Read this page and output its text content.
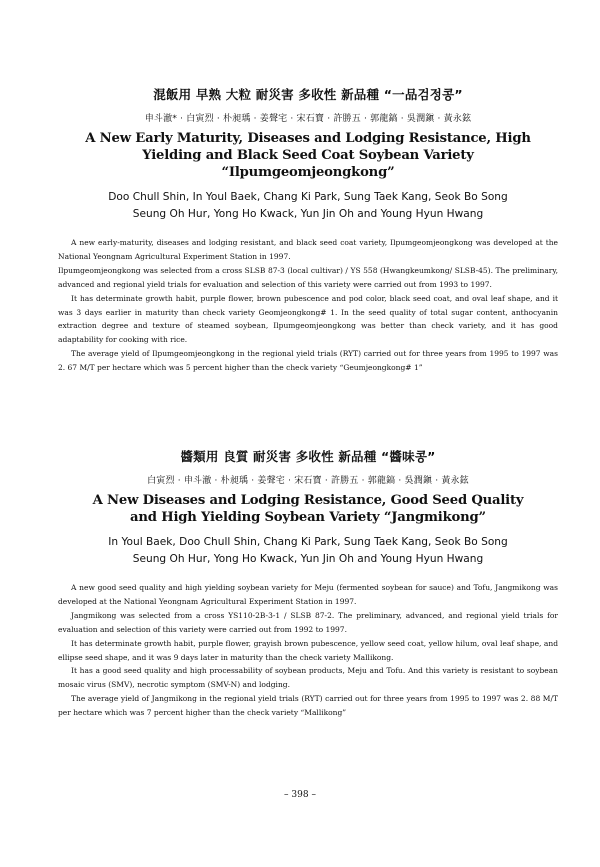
混飯用 早熟 大粒 耐災害 多收性 新品種 “一品검정콩”

申斗澈* · 白寅烈 · 朴昶瑀 · 姜聲宅 · 宋石寶 · 許勝五 · 郭龍鎬 · 吳潤鎭 · 黃永鉉

A New Early Maturity, Diseases and Lodging Resistance, High
Yielding and Black Seed Coat Soybean Variety “Ilpumgeomjeongkong”

Doo Chull Shin, In Youl Baek, Chang Ki Park, Sung Taek Kang, Seok Bo Song
Seung Oh Hur, Yong Ho Kwack, Yun Jin Oh and Young Hyun Hwang

A new early-maturity, diseases and lodging resistant, and black seed coat variety, Ilpumgeomjeongkong was developed at the National Yeongnam Agricultural Experiment Station in 1997.

Ilpumgeomjeongkong was selected from a cross SLSB 87-3 (local cultivar) / YS 558 (Hwangkeumkong/ SLSB-45). The preliminary, advanced and regional yield trials for evaluation and selection of this variety were carried out from 1993 to 1997.

It has determinate growth habit, purple flower, brown pubescence and pod color, black seed coat, and oval leaf shape, and it was 3 days earlier in maturity than check variety Geomjeongkong# 1. In the seed quality of total sugar content, anthocyanin extraction degree and texture of steamed soybean, Ilpumgeomjeongkong was better than check variety, and it has good adaptability for cooking with rice.

The average yield of Ilpumgeomjeongkong in the regional yield trials (RYT) carried out for three years from 1995 to 1997 was 2. 67 M/T per hectare which was 5 percent higher than the check variety “Geumjeongkong# 1”

醬類用 良質 耐災害 多收性 新品種 “醬味콩”

白寅烈 · 申斗澈 · 朴昶瑀 · 姜聲宅 · 宋石寶 · 許勝五 · 郭龍鎬 · 吳潤鎭 · 黃永鉉

A New Diseases and Lodging Resistance, Good Seed Quality
and High Yielding Soybean Variety “Jangmikong”

In Youl Baek, Doo Chull Shin, Chang Ki Park, Sung Taek Kang, Seok Bo Song
Seung Oh Hur, Yong Ho Kwack, Yun Jin Oh and Young Hyun Hwang

A new good seed quality and high yielding soybean variety for Meju (fermented soybean for sauce) and Tofu, Jangmikong was developed at the National Yeongnam Agricultural Experiment Station in 1997.

Jangmikong was selected from a cross YS110-2B-3-1 / SLSB 87-2. The preliminary, advanced, and regional yield trials for evaluation and selection of this variety were carried out from 1992 to 1997.

It has determinate growth habit, purple flower, grayish brown pubescence, yellow seed coat, yellow hilum, oval leaf shape, and ellipse seed shape, and it was 9 days later in maturity than the check variety Mallikong.

It has a good seed quality and high processability of soybean products, Meju and Tofu. And this variety is resistant to soybean mosaic virus (SMV), necrotic symptom (SMV-N) and lodging.

The average yield of Jangmikong in the regional yield trials (RYT) carried out for three years from 1995 to 1997 was 2. 88 M/T per hectare which was 7 percent higher than the check variety “Mallikong”

– 398 –
